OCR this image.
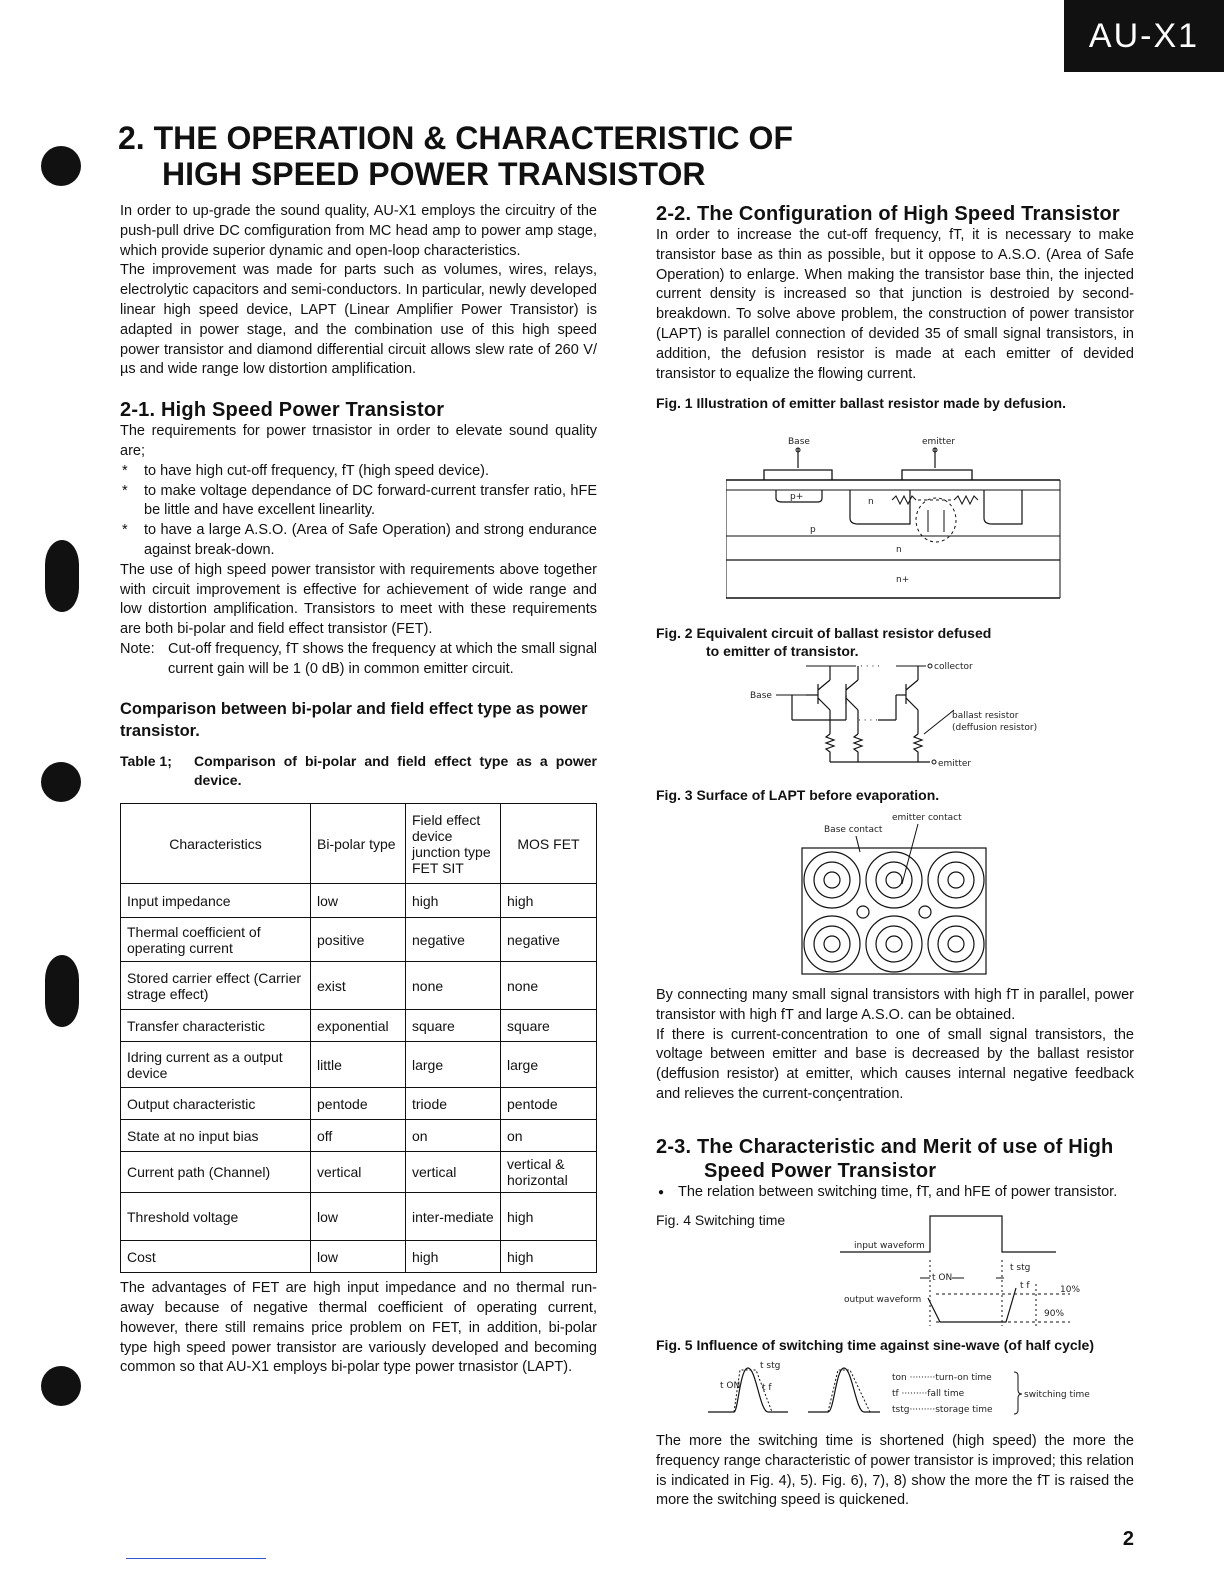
AU-X1
2. THE OPERATION & CHARACTERISTIC OF
HIGH SPEED POWER TRANSISTOR

In order to up-grade the sound quality, AU-X1 employs the circuitry of the push-pull drive DC comfiguration from MC head amp to power amp stage, which provide superior dynamic and open-loop characteristics.

The improvement was made for parts such as volumes, wires, relays, electrolytic capacitors and semi-conductors. In particular, newly developed linear high speed device, LAPT (Linear Amplifier Power Transistor) is adapted in power stage, and the combination use of this high speed power transistor and diamond differential circuit allows slew rate of 260 V/µs and wide range low distortion amplification.

2-1. High Speed Power Transistor

The requirements for power trnasistor in order to elevate sound quality are;

* to have high cut-off frequency, fT (high speed device).
* to make voltage dependance of DC forward-current transfer ratio, hFE be little and have excellent linearlity.
* to have a large A.S.O. (Area of Safe Operation) and strong endurance against break-down.

The use of high speed power transistor with requirements above together with circuit improvement is effective for achievement of wide range and low distortion amplification. Transistors to meet with these requirements are both bi-polar and field effect transistor (FET).

Note: Cut-off frequency, fT shows the frequency at which the small signal current gain will be 1 (0 dB) in common emitter circuit.
Comparison between bi-polar and field effect type as power transistor.
Table 1; Comparison of bi-polar and field effect type as a power device.
Characteristics	Bi-polar type	Field effect device junction type FET SIT	MOS FET
Input impedance	low	high	high
Thermal coefficient of operating current	positive	negative	negative
Stored carrier effect (Carrier strage effect)	exist	none	none
Transfer characteristic	exponential	square	square
Idring current as a output device	little	large	large
Output characteristic	pentode	triode	pentode
State at no input bias	off	on	on
Current path (Channel)	vertical	vertical	vertical & horizontal
Threshold voltage	low	inter-mediate	high
Cost	low	high	high

The advantages of FET are high input impedance and no thermal run-away because of negative thermal coefficient of operating current, however, there still remains price problem on FET, in addition, bi-polar type high speed power transistor are variously developed and becoming common so that AU-X1 employs bi-polar type power trnasistor (LAPT).

2-2. The Configuration of High Speed Transistor

In order to increase the cut-off frequency, fT, it is necessary to make transistor base as thin as possible, but it oppose to A.S.O. (Area of Safe Operation) to enlarge. When making the transistor base thin, the injected current density is increased so that junction is destroied by second-breakdown. To solve above problem, the construction of power transistor (LAPT) is parallel connection of devided 35 of small signal transistors, in addition, the defusion resistor is made at each emitter of devided transistor to equalize the flowing current.

Fig. 1 Illustration of emitter ballast resistor made by defusion.

Base	emitter
p+	n
p
n
n+

Fig. 2 Equivalent circuit of ballast resistor defused

to emitter of transistor.

· · · ·	collector
Base
· · · ·	ballast resistor
(deffusion resistor)
emitter

Fig. 3 Surface of LAPT before evaporation.

emitter contact
Base contact

By connecting many small signal transistors with high fT in parallel, power transistor with high fT and large A.S.O. can be obtained.

If there is current-concentration to one of small signal transistors, the voltage between emitter and base is decreased by the ballast resistor (deffusion resistor) at emitter, which causes internal negative feedback and relieves the current-conçentration.

2-3. The Characteristic and Merit of use of High
Speed Power Transistor
● The relation between switching time, fT, and hFE of power transistor.

Fig. 4 Switching time

input waveform
t ON
t stg
t f
output waveform
10%
90%

Fig. 5 Influence of switching time against sine-wave (of half cycle)

t stg
t ON t f
ton ·········turn-on time
tf ·········fall time
tstg·········storage time
switching time

The more the switching time is shortened (high speed) the more the frequency range characteristic of power transistor is improved; this relation is indicated in Fig. 4), 5). Fig. 6), 7), 8) show the more the fT is raised the more the switching speed is quickened.

2
